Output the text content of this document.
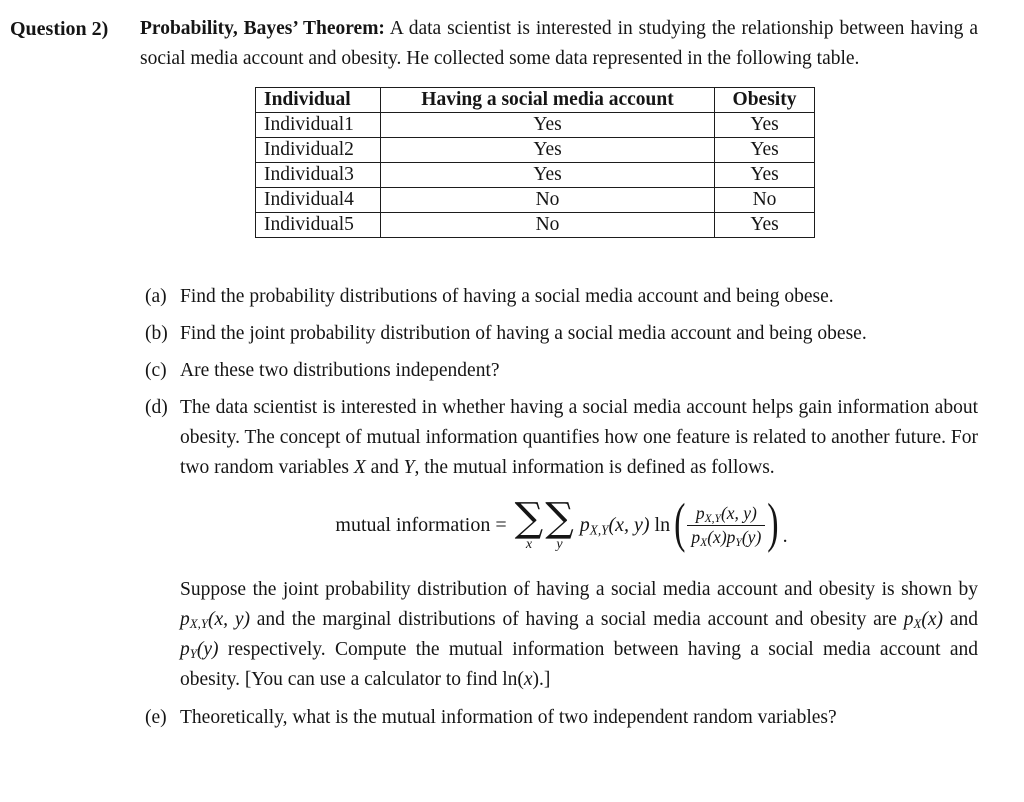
Question 2)	Probability, Bayes’ Theorem: A data scientist is interested in studying the relationship between having a social media account and obesity. He collected some data represented in the following table.
Individual	Having a social media account	Obesity
Individual1	Yes	Yes
Individual2	Yes	Yes
Individual3	Yes	Yes
Individual4	No	No
Individual5	No	Yes
(a) Find the probability distributions of having a social media account and being obese.
(b) Find the joint probability distribution of having a social media account and being obese.
(c) Are these two distributions independent?
(d) The data scientist is interested in whether having a social media account helps gain information about obesity. The concept of mutual information quantifies how one feature is related to another future. For two random variables X and Y, the mutual information is defined as follows.
mutual information = ∑
x
∑
y
$p_{X,Y}(x$, y) ln ( $\frac{p_{X,Y}(x, y)}{p_X(x)p_Y(y)}$ ) .
Suppose the joint probability distribution of having a social media account and obesity is shown by $p_{X,Y}(x$, y) and the marginal distributions of having a social media account and obesity are $p_X(x)$ and $p_Y(y)$ respectively. Compute the mutual information between having a social media account and obesity. [You can use a calculator to find ln(x).]
(e) Theoretically, what is the mutual information of two independent random variables?
